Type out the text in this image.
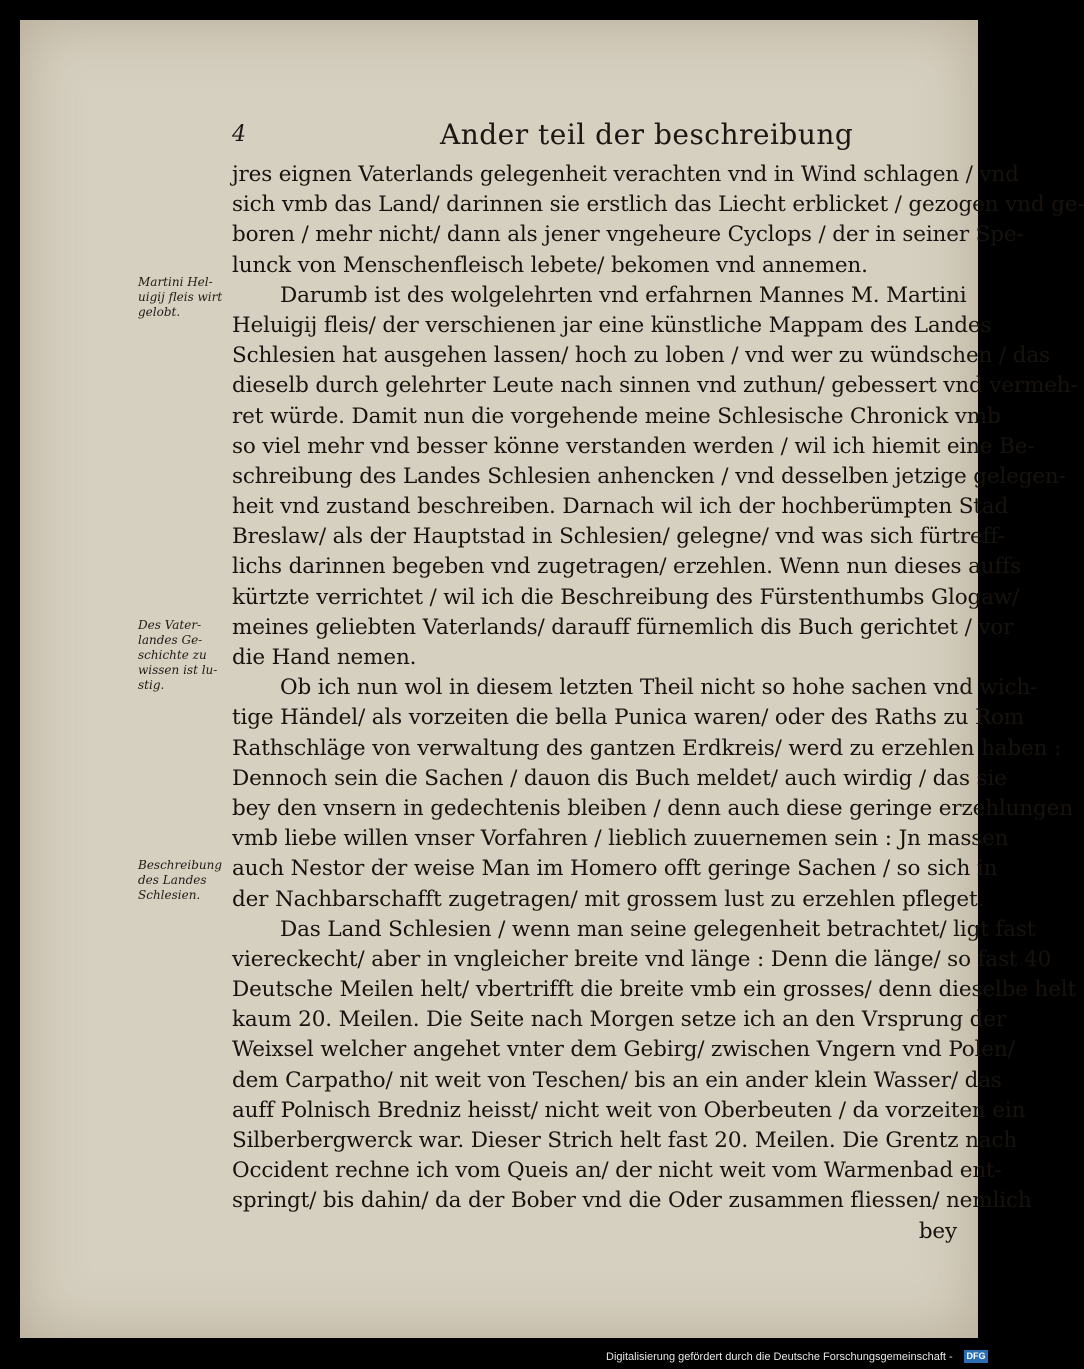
4	Ander teil der beschreibung
Martini Hel-
uigij fleis wirt
gelobt.
Des Vater-
landes Ge-
schichte zu
wissen ist lu-
stig.
Beschreibung
des Landes
Schlesien.
jres eignen Vaterlands gelegenheit verachten vnd in Wind schlagen / vnd
sich vmb das Land/ darinnen sie erstlich das Liecht erblicket / gezogen vnd ge-
boren / mehr nicht/ dann als jener vngeheure Cyclops / der in seiner Spe-
lunck von Menschenfleisch lebete/ bekomen vnd annemen.
Darumb ist des wolgelehrten vnd erfahrnen Mannes M. Martini
Heluigij fleis/ der verschienen jar eine künstliche Mappam des Landes
Schlesien hat ausgehen lassen/ hoch zu loben / vnd wer zu wündschen / das
dieselb durch gelehrter Leute nach sinnen vnd zuthun/ gebessert vnd vermeh-
ret würde. Damit nun die vorgehende meine Schlesische Chronick vmb
so viel mehr vnd besser könne verstanden werden / wil ich hiemit eine Be-
schreibung des Landes Schlesien anhencken / vnd desselben jetzige gelegen-
heit vnd zustand beschreiben. Darnach wil ich der hochberümpten Stad
Breslaw/ als der Hauptstad in Schlesien/ gelegne/ vnd was sich fürtreff-
lichs darinnen begeben vnd zugetragen/ erzehlen. Wenn nun dieses auffs
kürtzte verrichtet / wil ich die Beschreibung des Fürstenthumbs Glogaw/
meines geliebten Vaterlands/ darauff fürnemlich dis Buch gerichtet / vor
die Hand nemen.
Ob ich nun wol in diesem letzten Theil nicht so hohe sachen vnd wich-
tige Händel/ als vorzeiten die bella Punica waren/ oder des Raths zu Rom
Rathschläge von verwaltung des gantzen Erdkreis/ werd zu erzehlen haben :
Dennoch sein die Sachen / dauon dis Buch meldet/ auch wirdig / das sie
bey den vnsern in gedechtenis bleiben / denn auch diese geringe erzehlungen
vmb liebe willen vnser Vorfahren / lieblich zuuernemen sein : Jn massen
auch Nestor der weise Man im Homero offt geringe Sachen / so sich in
der Nachbarschafft zugetragen/ mit grossem lust zu erzehlen pfleget.
Das Land Schlesien / wenn man seine gelegenheit betrachtet/ ligt fast
viereckecht/ aber in vngleicher breite vnd länge : Denn die länge/ so fast 40
Deutsche Meilen helt/ vbertrifft die breite vmb ein grosses/ denn dieselbe helt
kaum 20. Meilen. Die Seite nach Morgen setze ich an den Vrsprung der
Weixsel welcher angehet vnter dem Gebirg/ zwischen Vngern vnd Polen/
dem Carpatho/ nit weit von Teschen/ bis an ein ander klein Wasser/ das
auff Polnisch Bredniz heisst/ nicht weit von Oberbeuten / da vorzeiten ein
Silberbergwerck war. Dieser Strich helt fast 20. Meilen. Die Grentz nach
Occident rechne ich vom Queis an/ der nicht weit vom Warmenbad ent-
springt/ bis dahin/ da der Bober vnd die Oder zusammen fliessen/ nemlich
bey
Digitalisierung gefördert durch die Deutsche Forschungsgemeinschaft - DFG
